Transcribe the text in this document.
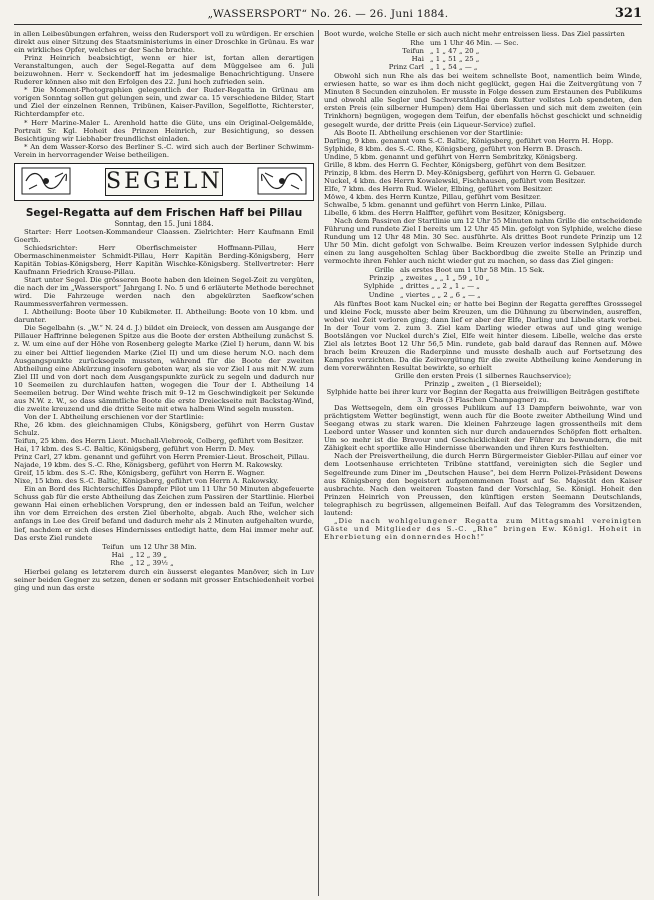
„WASSERSPORT“ No. 26. — 26. Juni 1884.	321

in allen Leibesübungen erfahren, weiss den Rudersport voll zu würdigen. Er erschien direkt aus einer Sitzung des Staatsministeriums in einer Droschke in Grünau. Es war ein wirkliches Opfer, welches er der Sache brachte.

Prinz Heinrich beabsichtigt, wenn er hier ist, fortan allen derartigen Veranstaltungen, auch der Segel-Regatta auf dem Müggelsee am 6. Juli beizuwohnen. Herr v. Seckendorff hat im jedesmalige Benachrichtigung. Unsere Ruderer können also mit den Erfolgen des 22. Juni hoch zufrieden sein.

* Die Moment-Photographien gelegentlich der Ruder-Regatta in Grünau am vorigen Sonntag sollen gut gelungen sein, und zwar ca. 15 verschiedene Bilder, Start und Ziel der einzelnen Rennen, Tribünen, Kaiser-Pavillon, Segelflotte, Richterstег, Richterdampfer etc.

* Herr Marine-Maler L. Arenhold hatte die Güte, uns ein Original-Oelgemälde, Portrait Sr. Kgl. Hoheit des Prinzen Heinrich, zur Besichtigung, so dessen Besichtigung wir Liebhaber freundlichst einladen.

* An dem Wasser-Korso des Berliner S.-C. wird sich auch der Berliner Schwimm-Verein in hervorragender Weise betheiligen.

SEGELN
Segel-Regatta auf dem Frischen Haff bei Pillau
Sonntag, den 15. Juni 1884.

Starter: Herr Lootsen-Kommandeur Claassen. Zielrichter: Herr Kaufmann Emil Goerth.

Schiedsrichter: Herr Oberfischmeister Hoffmann-Pillau, Herr Obermaschinenmeister Schmidt-Pillau, Herr Kapitän Berding-Königsberg, Herr Kapitän Tobias-Königsberg, Herr Kapitän Wischke-Königsberg. Stellvertreter: Herr Kaufmann Friedrich Krause-Pillau.

Start unter Segel. Die grösseren Boote haben den kleinen Segel-Zeit zu vergüten, die nach der im „Wassersport“ Jahrgang I. No. 5 und 6 erläuterte Methode berechnet wird. Die Fahrzeuge werden nach den abgekürzten Saefkow'schen Raummessverfahren vermessen.

I. Abtheilung: Boote über 10 Kubikmeter. II. Abtheilung: Boote von 10 kbm. und darunter.

Die Segelbahn (s. „W.“ N. 24 d. J.) bildet ein Dreieck, von dessen am Ausgange der Pillauer Haffrinne belegenen Spitze aus die Boote der ersten Abtheilung zunächst S. z. W. um eine auf der Höhe von Rosenberg gelegte Marke (Ziel I) herum, dann W. bis zu einer bei Alttief liegenden Marke (Ziel II) und um diese herum N.O. nach dem Ausgangspunkte zurücksegeln mussten, während für die Boote der zweiten Abtheilung eine Abkürzung insofern geboten war, als sie vor Ziel I aus mit N.W. zum Ziel III und von dort nach dem Ausgangspunkte zurück zu segeln und dadurch nur 10 Seemeilen zu durchlaufen hatten, wogegen die Tour der I. Abtheilung 14 Seemeilen betrug. Der Wind wehte frisch mit 9–12 m Geschwindigkeit per Sekunde aus N.W. z. W., so dass sämmtliche Boote die erste Dreieckseite mit Backstag-Wind, die zweite kreuzend und die dritte Seite mit etwa halbem Wind segeln mussten.

Von der I. Abtheilung erschienen vor der Startlinie:

Rhe, 26 kbm. des gleichnamigen Clubs, Königsberg, geführt von Herrn Gustav Schulz.

Teifun, 25 kbm. des Herrn Lieut. Muchall-Viebrook, Colberg, geführt vom Besitzer.

Hai, 17 kbm. des S.-C. Baltic, Königsberg, geführt von Herrn D. Mey.

Prinz Carl, 27 kbm. genannt und geführt von Herrn Premier-Lieut. Broscheit, Pillau.

Najade, 19 kbm. des S.-C. Rhe, Königsberg, geführt von Herrn M. Rakowsky.

Greif, 15 kbm. des S.-C. Rhe, Königsberg, geführt von Herrn E. Wagner.

Nixe, 15 kbm. des S.-C. Baltic, Königsberg, geführt von Herrn A. Rakowsky.

Ein an Bord des Richterschiffes Dampfer Pilot um 11 Uhr 50 Minuten abgefeuerte Schuss gab für die erste Abtheilung das Zeichen zum Passiren der Startlinie. Hierbei gewann Hai einen erheblichen Vorsprung, den er indessen bald an Teifun, welcher ihn vor dem Erreichen des ersten Ziel überholte, abgab. Auch Rhe, welcher sich anfangs in Lee des Greif befand und dadurch mehr als 2 Minuten aufgehalten wurde, lief, nachdem er sich dieses Hindernisses entledigt hatte, dem Hai immer mehr auf. Das erste Ziel rundete

Teifun um 12 Uhr 38 Min.
Hai „ 12 „ 39 „
Rhe „ 12 „ 39½ „

Hierbei gelang es letzterem durch ein äusserst elegantes Manöver, sich in Luv seiner beiden Gegner zu setzen, denen er sodann mit grosser Entschiedenheit vorbei ging und nun das erste

Boot wurde, welche Stelle er sich auch nicht mehr entreissen liess. Das Ziel passirten

Rhe um 1 Uhr 46 Min. — Sec.
Teifun „ 1 „ 47 „ 20 „
Hai „ 1 „ 51 „ 25 „
Prinz Carl „ 1 „ 54 „ — „

Obwohl sich nun Rhe als das bei weitem schnellste Boot, namentlich beim Winde, erwiesen hatte, so war es ihm doch nicht geglückt, gegen Hai die Zeitvergütung von 7 Minuten 8 Secunden einzuholen. Er musste in Folge dessen zum Erstaunen des Publikums und obwohl alle Segler und Sachverständige dem Kutter vollstes Lob spendeten, den ersten Preis (ein silberner Humpen) dem Hai überlassen und sich mit dem zweiten (ein Trinkhorn) begnügen, wogegen dem Teifun, der ebenfalls höchst geschickt und schneidig gesegelt wurde, der dritte Preis (ein Liqueur-Service) zufiel.

Als Boote II. Abtheilung erschienen vor der Startlinie:

Darling, 9 kbm. genannt vom S.-C. Baltic, Königsberg, geführt von Herrn H. Hopp.

Sylphide, 8 kbm. des S.-C. Rhe, Königsberg, geführt von Herrn B. Drasch.

Undine, 5 kbm. genannt und geführt von Herrn Sembritzky, Königsberg.

Grille, 8 kbm. des Herrn G. Fechter, Königsberg, geführt von dem Besitzer.

Prinzip, 8 kbm. des Herrn D. Mey-Königsberg, geführt von Herrn G. Gebauer.

Nuckel, 4 kbm. des Herrn Kowalewski, Fischhausen, geführt vom Besitzer.

Elfe, 7 kbm. des Herrn Rud. Wieler, Elbing, geführt vom Besitzer.

Möwe, 4 kbm. des Herrn Kuntze, Pillau, geführt vom Besitzer.

Schwalbe, 5 kbm. genannt und geführt von Herrn Linke, Pillau.

Libelle, 6 kbm. des Herrn Halffter, geführt vom Besitzer, Königsberg.

Nach dem Passiren der Startlinie um 12 Uhr 55 Minuten nahm Grille die entscheidende Führung und rundete Ziel I bereits um 12 Uhr 45 Min. gefolgt von Sylphide, welche diese Rundung um 12 Uhr 48 Min. 30 Sec. ausführte. Als drittes Boot rundete Prinzip um 12 Uhr 50 Min. dicht gefolgt von Schwalbe. Beim Kreuzen verlor indessen Sylphide durch einen zu lang ausgeholten Schlag über Backbordbug die zweite Stelle an Prinzip und vermochte ihren Fehler auch nicht wieder gut zu machen, so dass das Ziel gingen:

Grille als erstes Boot um 1 Uhr 58 Min. 15 Sek.
Prinzip „ zweites „ „ 1 „ 59 „ 10 „
Sylphide „ drittes „ „ 2 „ 1 „ — „
Undine „ viertes „ „ 2 „ 6 „ — „

Als fünftes Boot kam Nuckel ein; er hatte bei Beginn der Regatta gerefftes Grosssegel und kleine Fock, musste aber beim Kreuzen, um die Dühnung zu überwinden, ausreffen, wobei viel Zeit verloren ging; dann lief er aber der Elfe, Darling und Libelle stark vorbei. In der Tour vom 2. zum 3. Ziel kam Darling wieder etwas auf und ging wenige Bootslängen vor Nuckel durch's Ziel, Elfe weit hinter diesem. Libelle, welche das erste Ziel als letztes Boot 12 Uhr 56,5 Min. rundete, gab bald darauf das Rennen auf. Möwe brach beim Kreuzen die Raderpinne und musste deshalb auch auf Fortsetzung des Kampfes verzichten. Da die Zeitvergütung für die zweite Abtheilung keine Aenderung in dem vorerwähnten Resultat bewirkte, so erhielt

Grille den ersten Preis (1 silbernes Rauchservice);

Prinzip „ zweiten „ (1 Bierseidel);

Sylphide hatte bei ihrer kurz vor Beginn der Regatta aus freiwilligen Beiträgen gestiftete 3. Preis (3 Flaschen Champagner) zu.

Das Wettsegeln, dem ein grosses Publikum auf 13 Dampfern beiwohnte, war von prächtigstem Wetter begünstigt, wenn auch für die Boote zweiter Abtheilung Wind und Seegang etwas zu stark waren. Die kleinen Fahrzeuge lagen grossentheils mit dem Leebord unter Wasser und konnten sich nur durch andauerndes Schöpfen flott erhalten. Um so mehr ist die Bravour und Geschicklichkeit der Führer zu bewundern, die mit Zähigkeit echt sportlike alle Hindernisse überwanden und ihren Kurs festhielten.

Nach der Preisvertheilung, die durch Herrn Bürgermeister Giebler-Pillau auf einer vor dem Lootsenhause errichteten Tribüne stattfand, vereinigten sich die Segler und Segelfreunde zum Diner im „Deutschen Hause“, bei dem Herrn Polizei-Präsident Dewens aus Königsberg den begeistert aufgenommenen Toast auf Se. Majestät den Kaiser ausbrachte. Nach den weiteren Toasten fand der Vorschlag, Se. Königl. Hoheit den Prinzen Heinrich von Preussen, den künftigen ersten Seemann Deutschlands, telegraphisch zu begrüssen, allgemeinen Beifall. Auf das Telegramm des Vorsitzenden, lautend:

„Die nach wohlgelungener Regatta zum Mittagsmahl vereinigten Gäste und Mitglieder des S.-C. „Rhe“ bringen Ew. Königl. Hoheit in Ehrerbietung ein donnerndes Hoch!“
